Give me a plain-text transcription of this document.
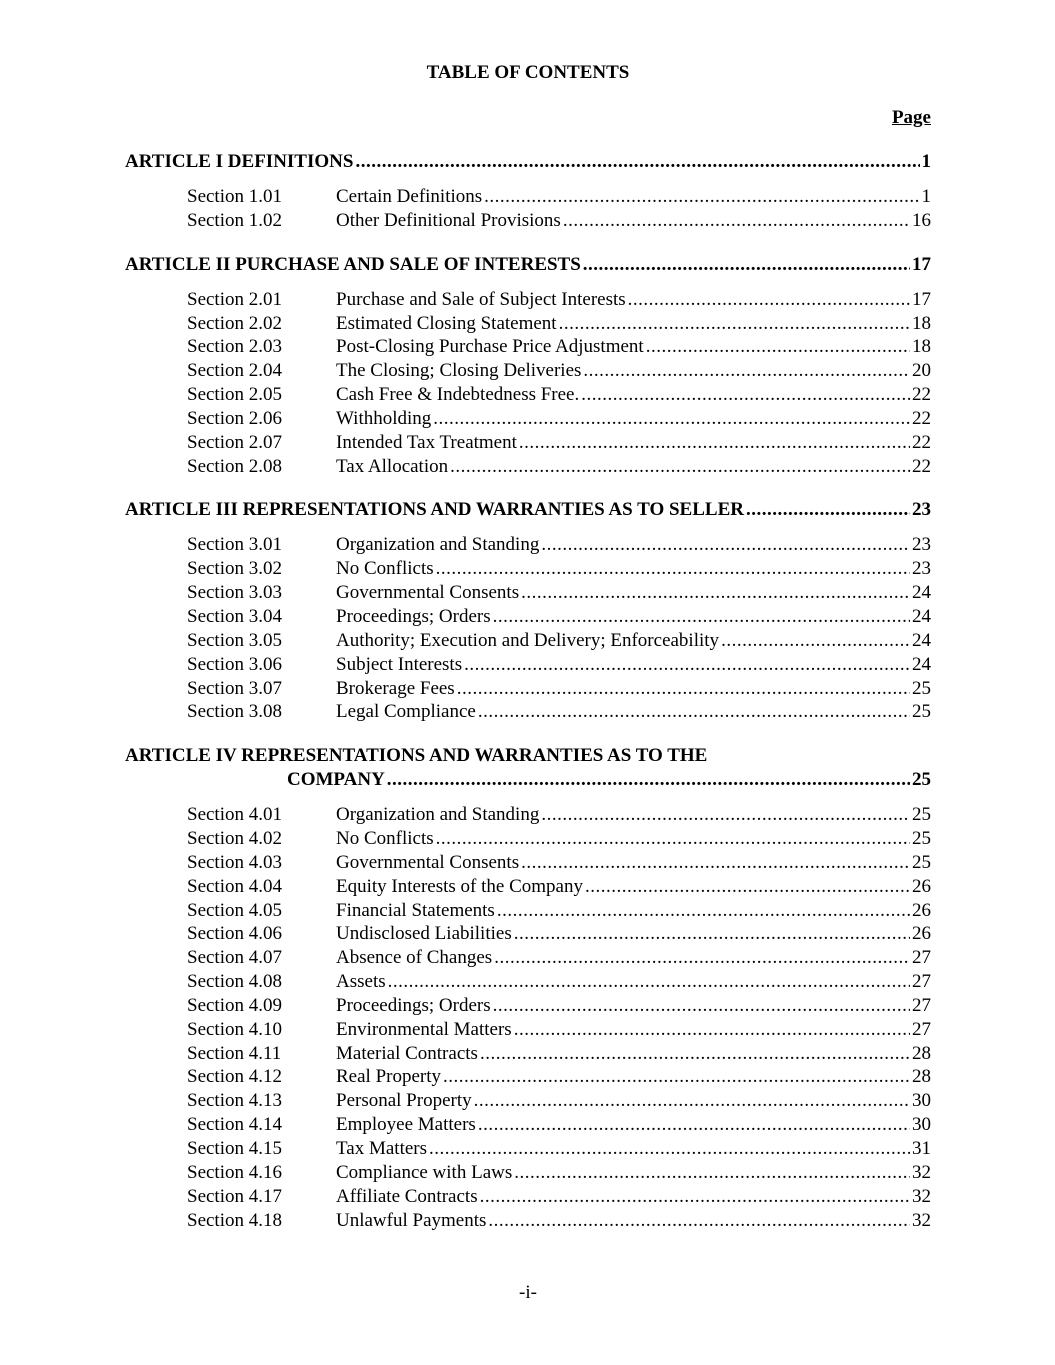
TABLE OF CONTENTS
Page
ARTICLE I DEFINITIONS .....	1
Section 1.01	Certain Definitions .....	1
Section 1.02	Other Definitional Provisions .....	16
ARTICLE II PURCHASE AND SALE OF INTERESTS .....	17
Section 2.01	Purchase and Sale of Subject Interests .....	17
Section 2.02	Estimated Closing Statement .....	18
Section 2.03	Post-Closing Purchase Price Adjustment .....	18
Section 2.04	The Closing; Closing Deliveries .....	20
Section 2.05	Cash Free & Indebtedness Free. .....	22
Section 2.06	Withholding .....	22
Section 2.07	Intended Tax Treatment .....	22
Section 2.08	Tax Allocation .....	22
ARTICLE III REPRESENTATIONS AND WARRANTIES AS TO SELLER .....	23
Section 3.01	Organization and Standing .....	23
Section 3.02	No Conflicts .....	23
Section 3.03	Governmental Consents .....	24
Section 3.04	Proceedings; Orders .....	24
Section 3.05	Authority; Execution and Delivery; Enforceability .....	24
Section 3.06	Subject Interests .....	24
Section 3.07	Brokerage Fees .....	25
Section 3.08	Legal Compliance .....	25
ARTICLE IV REPRESENTATIONS AND WARRANTIES AS TO THE
COMPANY .....	25
Section 4.01	Organization and Standing .....	25
Section 4.02	No Conflicts .....	25
Section 4.03	Governmental Consents .....	25
Section 4.04	Equity Interests of the Company .....	26
Section 4.05	Financial Statements .....	26
Section 4.06	Undisclosed Liabilities .....	26
Section 4.07	Absence of Changes .....	27
Section 4.08	Assets .....	27
Section 4.09	Proceedings; Orders .....	27
Section 4.10	Environmental Matters .....	27
Section 4.11	Material Contracts .....	28
Section 4.12	Real Property .....	28
Section 4.13	Personal Property .....	30
Section 4.14	Employee Matters .....	30
Section 4.15	Tax Matters .....	31
Section 4.16	Compliance with Laws .....	32
Section 4.17	Affiliate Contracts .....	32
Section 4.18	Unlawful Payments .....	32
-i-
